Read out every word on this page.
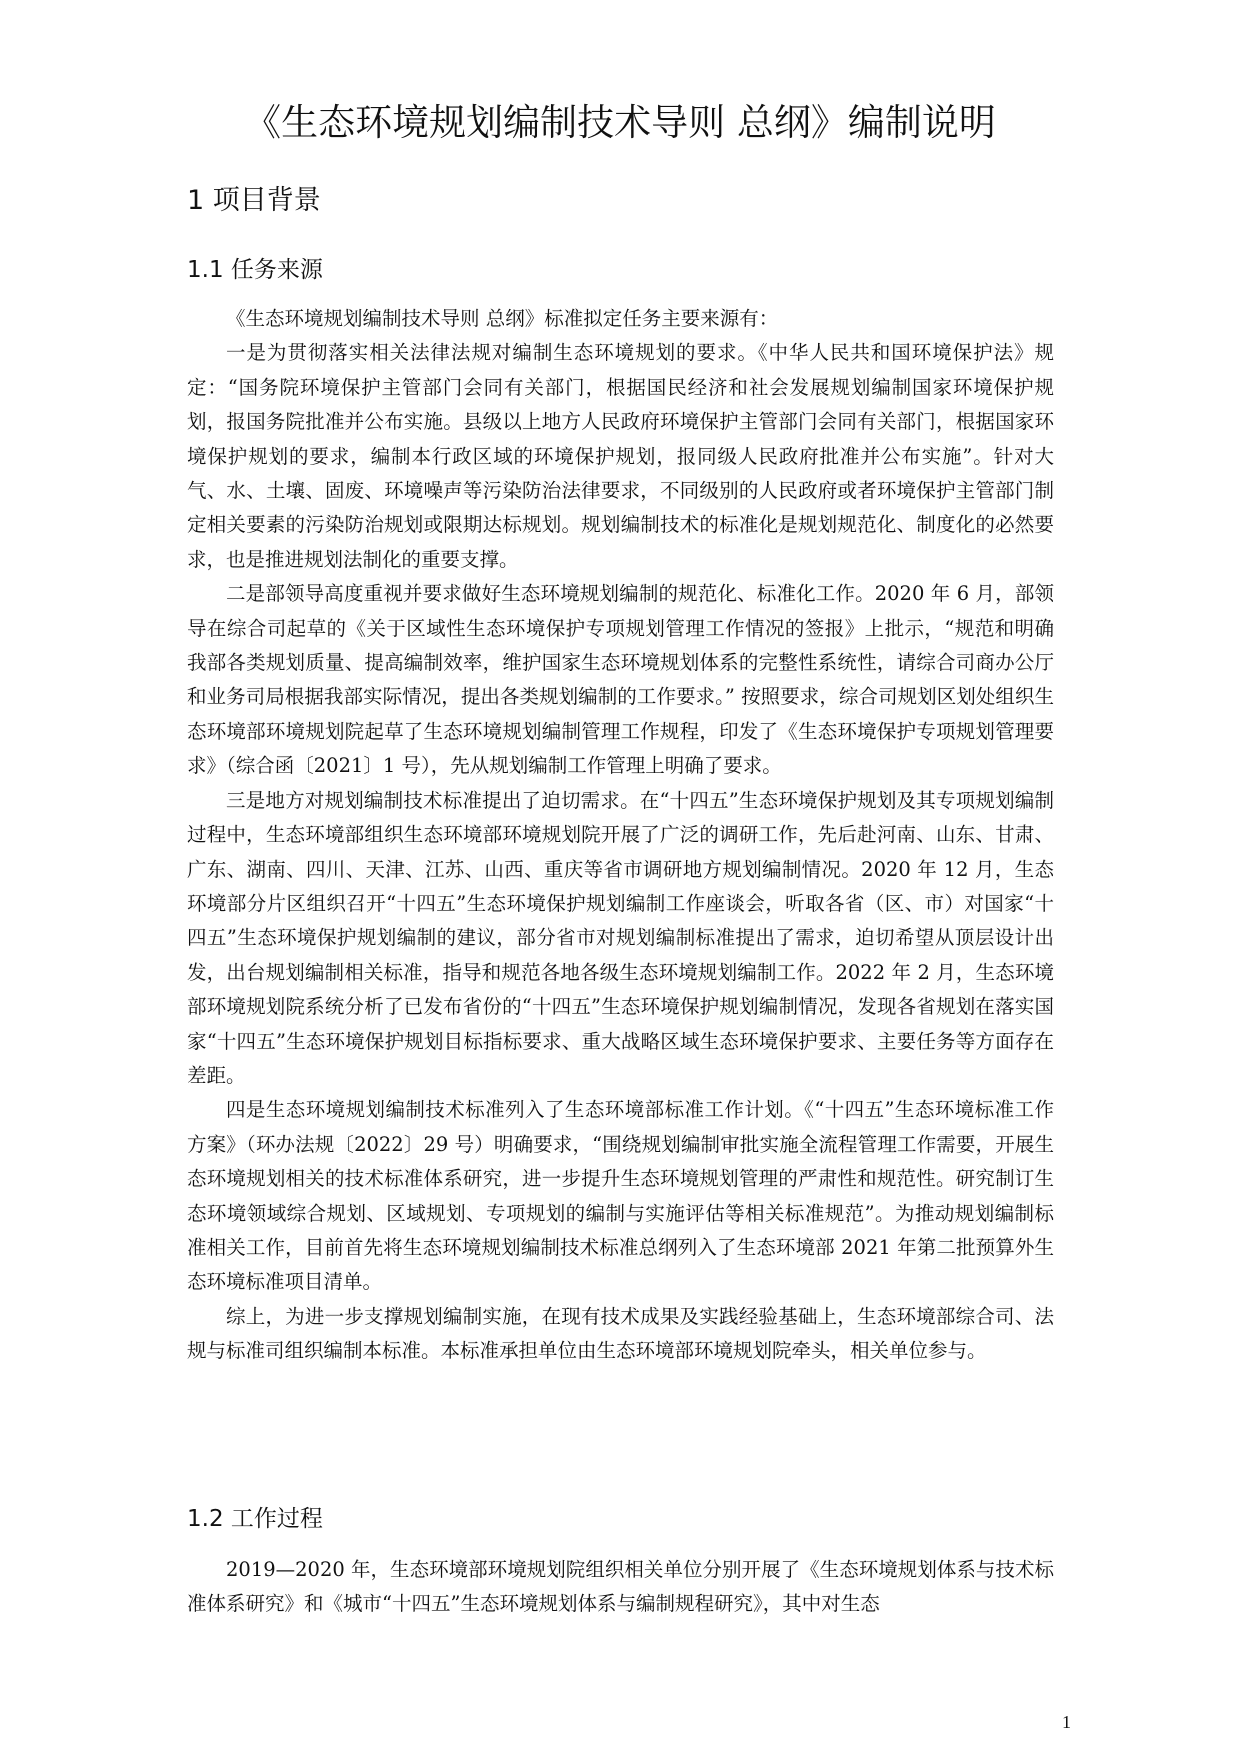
《生态环境规划编制技术导则 总纲》编制说明
1 项目背景
1.1 任务来源

《生态环境规划编制技术导则 总纲》标准拟定任务主要来源有：

一是为贯彻落实相关法律法规对编制生态环境规划的要求。《中华人民共和国环境保护法》规定：“国务院环境保护主管部门会同有关部门，根据国民经济和社会发展规划编制国家环境保护规划，报国务院批准并公布实施。县级以上地方人民政府环境保护主管部门会同有关部门，根据国家环境保护规划的要求，编制本行政区域的环境保护规划，报同级人民政府批准并公布实施”。针对大气、水、土壤、固废、环境噪声等污染防治法律要求，不同级别的人民政府或者环境保护主管部门制定相关要素的污染防治规划或限期达标规划。规划编制技术的标准化是规划规范化、制度化的必然要求，也是推进规划法制化的重要支撑。

二是部领导高度重视并要求做好生态环境规划编制的规范化、标准化工作。2020 年 6 月，部领导在综合司起草的《关于区域性生态环境保护专项规划管理工作情况的签报》上批示，“规范和明确我部各类规划质量、提高编制效率，维护国家生态环境规划体系的完整性系统性，请综合司商办公厅和业务司局根据我部实际情况，提出各类规划编制的工作要求。” 按照要求，综合司规划区划处组织生态环境部环境规划院起草了生态环境规划编制管理工作规程，印发了《生态环境保护专项规划管理要求》（综合函〔2021〕1 号），先从规划编制工作管理上明确了要求。

三是地方对规划编制技术标准提出了迫切需求。在“十四五”生态环境保护规划及其专项规划编制过程中，生态环境部组织生态环境部环境规划院开展了广泛的调研工作，先后赴河南、山东、甘肃、广东、湖南、四川、天津、江苏、山西、重庆等省市调研地方规划编制情况。2020 年 12 月，生态环境部分片区组织召开“十四五”生态环境保护规划编制工作座谈会，听取各省（区、市）对国家“十四五”生态环境保护规划编制的建议，部分省市对规划编制标准提出了需求，迫切希望从顶层设计出发，出台规划编制相关标准，指导和规范各地各级生态环境规划编制工作。2022 年 2 月，生态环境部环境规划院系统分析了已发布省份的“十四五”生态环境保护规划编制情况，发现各省规划在落实国家“十四五”生态环境保护规划目标指标要求、重大战略区域生态环境保护要求、主要任务等方面存在差距。

四是生态环境规划编制技术标准列入了生态环境部标准工作计划。《“十四五”生态环境标准工作方案》（环办法规〔2022〕29 号）明确要求，“围绕规划编制审批实施全流程管理工作需要，开展生态环境规划相关的技术标准体系研究，进一步提升生态环境规划管理的严肃性和规范性。研究制订生态环境领域综合规划、区域规划、专项规划的编制与实施评估等相关标准规范”。为推动规划编制标准相关工作，目前首先将生态环境规划编制技术标准总纲列入了生态环境部 2021 年第二批预算外生态环境标准项目清单。

综上，为进一步支撑规划编制实施，在现有技术成果及实践经验基础上，生态环境部综合司、法规与标准司组织编制本标准。本标准承担单位由生态环境部环境规划院牵头，相关单位参与。

1.2 工作过程

2019—2020 年，生态环境部环境规划院组织相关单位分别开展了《生态环境规划体系与技术标准体系研究》和《城市“十四五”生态环境规划体系与编制规程研究》，其中对生态

1
